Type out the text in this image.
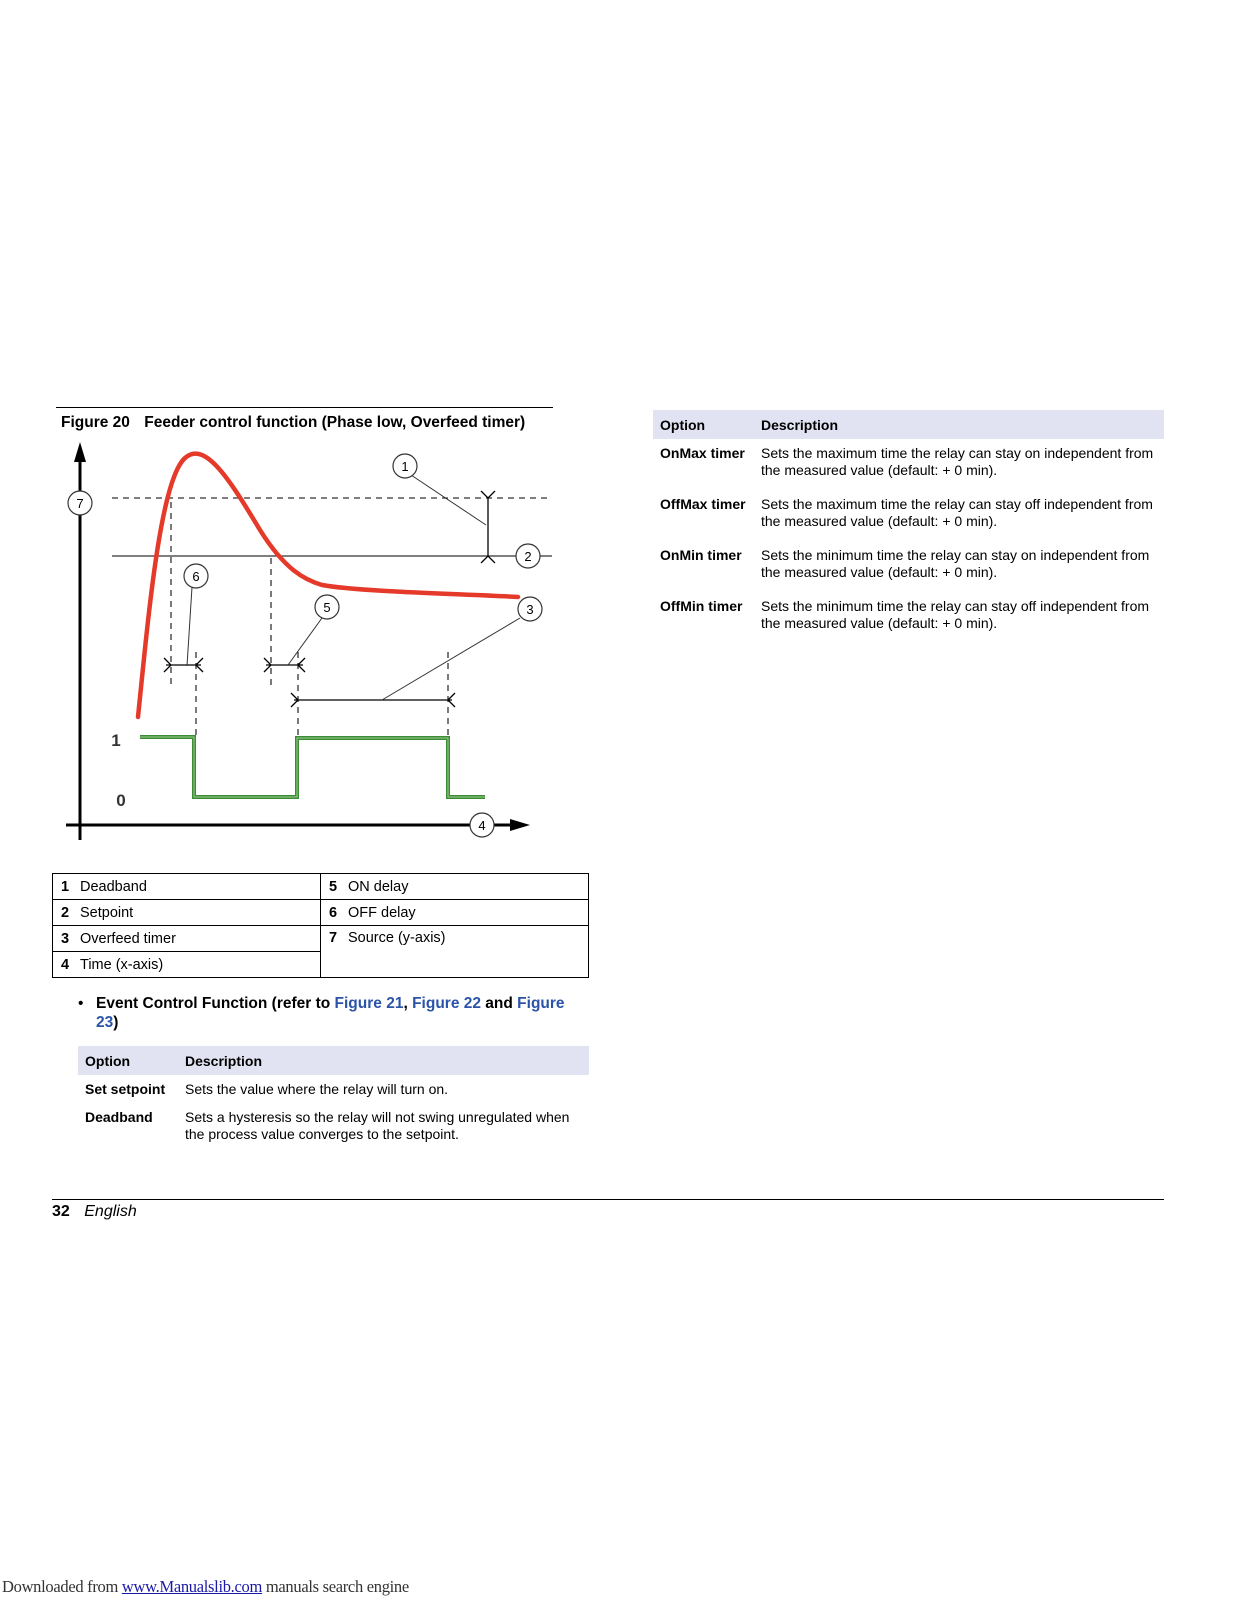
Figure 20 Feeder control function (Phase low, Overfeed timer)
1
2
3
4
5
6
7
1
0
1 Deadband	5 ON delay
2 Setpoint	6 OFF delay
3 Overfeed timer	7 Source (y-axis)
4 Time (x-axis)	
• Event Control Function (refer to Figure 21, Figure 22 and Figure 23)
Option	Description
Set setpoint	Sets the value where the relay will turn on.
Deadband	Sets a hysteresis so the relay will not swing unregulated when the process value converges to the setpoint.
Option	Description
OnMax timer	Sets the maximum time the relay can stay on independent from the measured value (default: + 0 min).
OffMax timer	Sets the maximum time the relay can stay off independent from the measured value (default: + 0 min).
OnMin timer	Sets the minimum time the relay can stay on independent from the measured value (default: + 0 min).
OffMin timer	Sets the minimum time the relay can stay off independent from the measured value (default: + 0 min).
32 English
Downloaded from www.Manualslib.com manuals search engine
